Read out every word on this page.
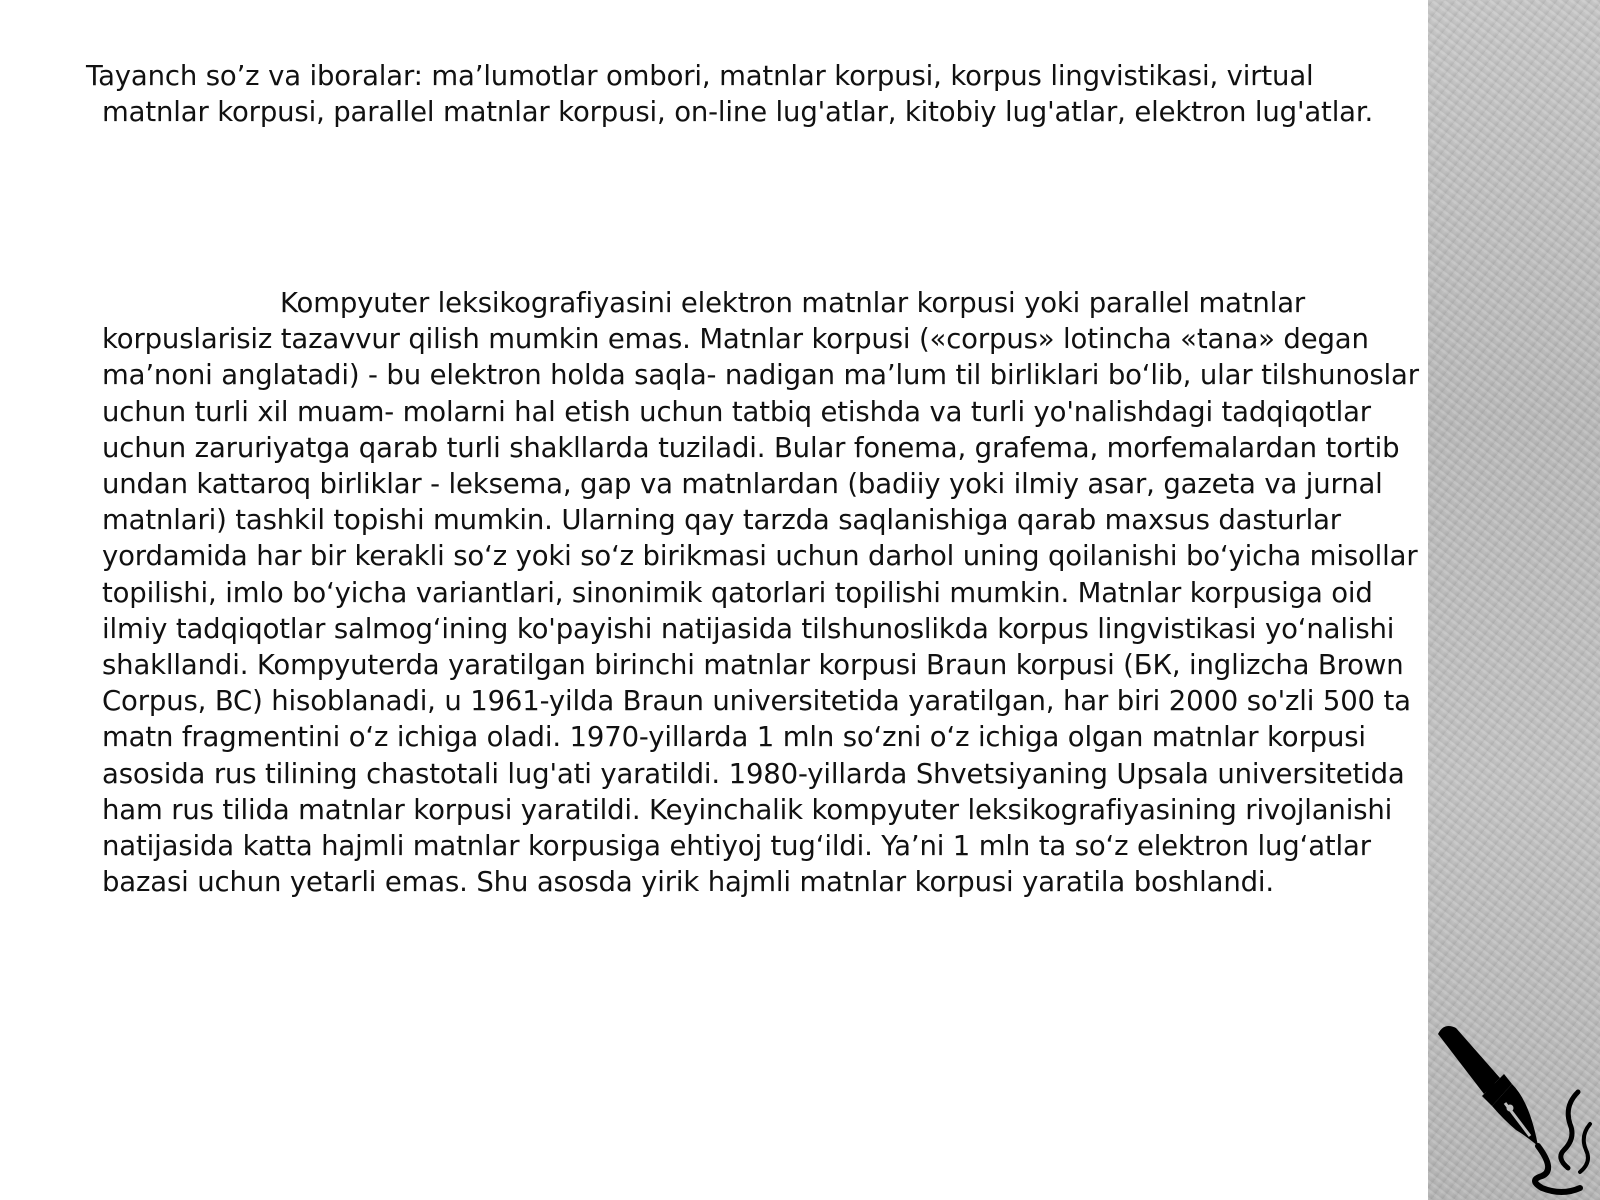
Tayanch so’z va iboralar: ma’lumotlar ombori, matnlar korpusi, korpus lingvistikasi, virtual matnlar korpusi, parallel matnlar korpusi, on-line lug'atlar, kitobiy lug'atlar, elektron lug'atlar.

Kompyuter leksikografiyasini elektron matnlar korpusi yoki parallel matnlar korpuslarisiz tazavvur qilish mumkin emas. Matnlar korpusi («corpus» lotincha «tana» degan ma’noni anglatadi) - bu elektron holda saqla- nadigan ma’lum til birliklari bo‘lib, ular tilshunoslar uchun turli xil muam- molarni hal etish uchun tatbiq etishda va turli yo'nalishdagi tadqiqotlar uchun zaruriyatga qarab turli shakllarda tuziladi. Bular fonema, grafema, morfemalardan tortib undan kattaroq birliklar - leksema, gap va matnlardan (badiiy yoki ilmiy asar, gazeta va jurnal matnlari) tashkil topishi mumkin. Ularning qay tarzda saqlanishiga qarab maxsus dasturlar yordamida har bir kerakli so‘z yoki so‘z birikmasi uchun darhol uning qoilanishi bo‘yicha misollar topilishi, imlo bo‘yicha variantlari, sinonimik qatorlari topilishi mumkin. Matnlar korpusiga oid ilmiy tadqiqotlar salmog‘ining ko'payishi natijasida tilshunoslikda korpus lingvistikasi yo‘nalishi shakllandi. Kompyuterda yaratilgan birinchi matnlar korpusi Braun korpusi (БК, inglizcha Brown Corpus, BC) hisoblanadi, u 1961-yilda Braun universitetida yaratilgan, har biri 2000 so'zli 500 ta matn fragmentini o‘z ichiga oladi. 1970-yillarda 1 mln so‘zni o‘z ichiga olgan matnlar korpusi asosida rus tilining chastotali lug'ati yaratildi. 1980-yillarda Shvetsiyaning Upsala universitetida ham rus tilida matnlar korpusi yaratildi. Keyinchalik kompyuter leksikografiyasining rivojlanishi natijasida katta hajmli matnlar korpusiga ehtiyoj tug‘ildi. Ya’ni 1 mln ta so‘z elektron lug‘atlar bazasi uchun yetarli emas. Shu asosda yirik hajmli matnlar korpusi yaratila boshlandi.
